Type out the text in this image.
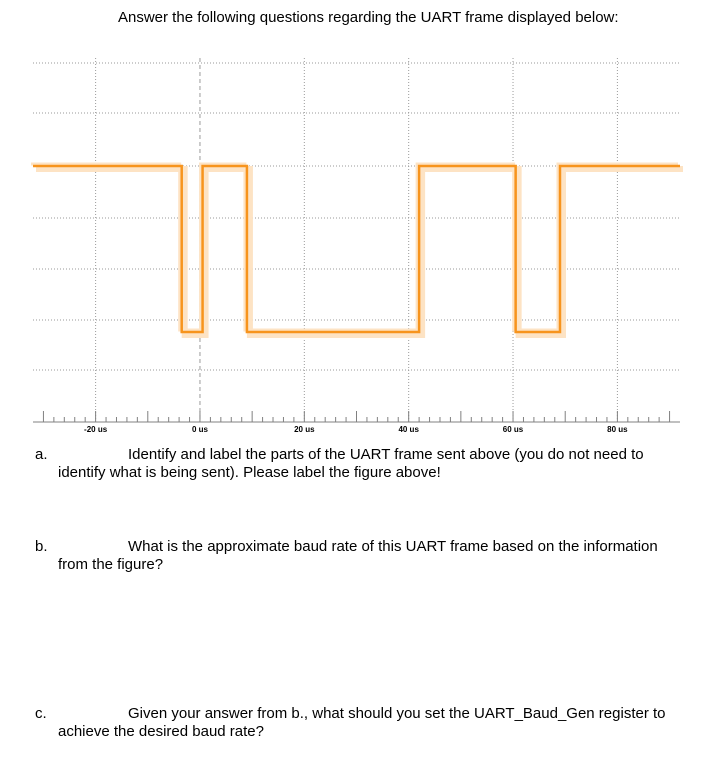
Answer the following questions regarding the UART frame displayed below:
-20 us	0 us	20 us	40 us	60 us	80 us
a.	Identify and label the parts of the UART frame sent above (you do not need to
identify what is being sent). Please label the figure above!
b.	What is the approximate baud rate of this UART frame based on the information
from the figure?
c.	Given your answer from b., what should you set the UART_Baud_Gen register to
achieve the desired baud rate?
